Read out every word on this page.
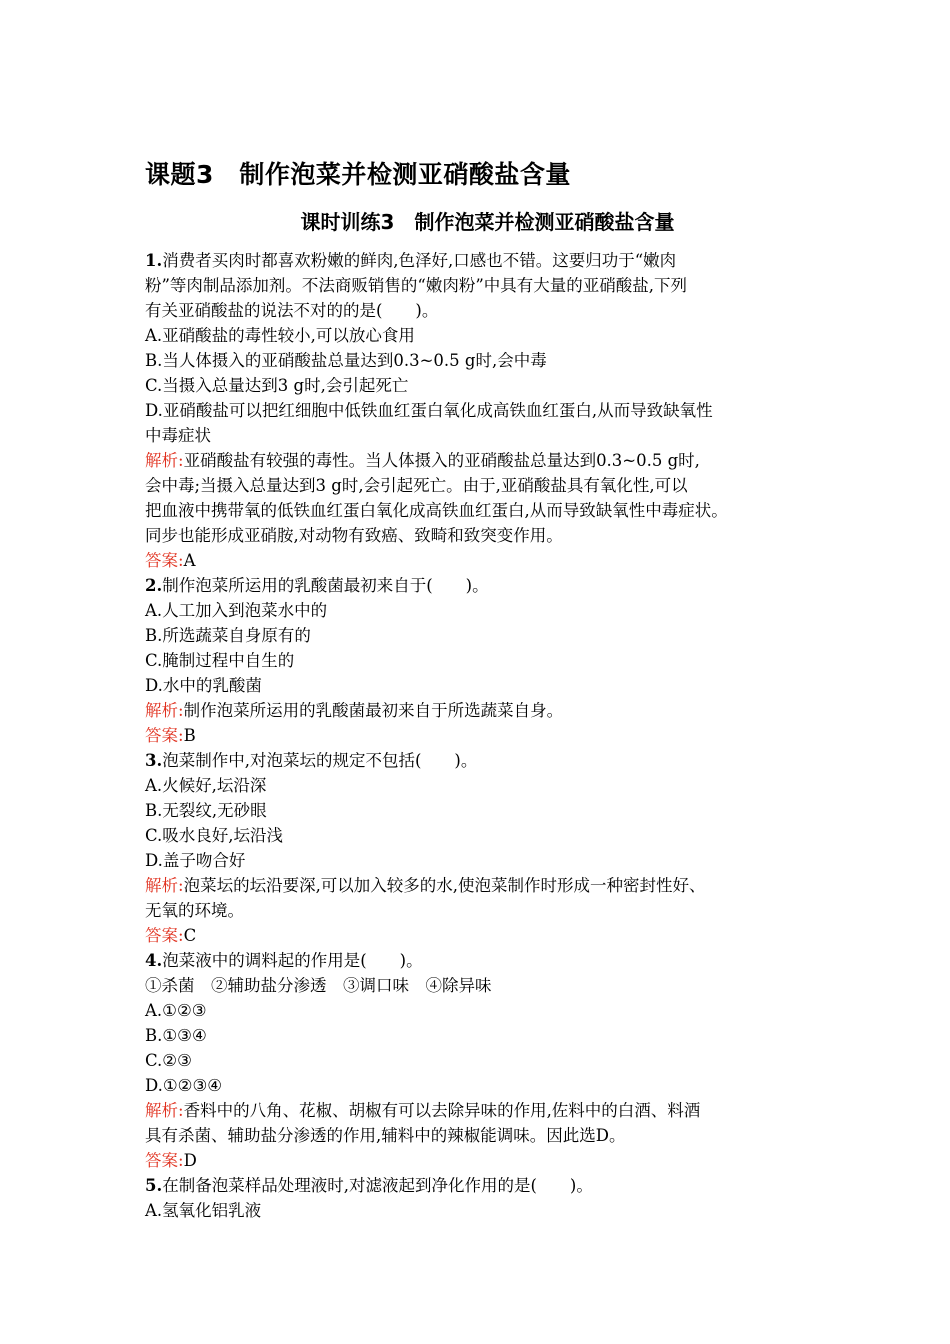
课题3　制作泡菜并检测亚硝酸盐含量
课时训练3　制作泡菜并检测亚硝酸盐含量
1.消费者买肉时都喜欢粉嫩的鲜肉,色泽好,口感也不错。这要归功于“嫩肉
粉”等肉制品添加剂。不法商贩销售的“嫩肉粉”中具有大量的亚硝酸盐,下列
有关亚硝酸盐的说法不对的的是(　　)。
A.亚硝酸盐的毒性较小,可以放心食用
B.当人体摄入的亚硝酸盐总量达到0.3~0.5 g时,会中毒
C.当摄入总量达到3 g时,会引起死亡
D.亚硝酸盐可以把红细胞中低铁血红蛋白氧化成高铁血红蛋白,从而导致缺氧性
中毒症状
解析:亚硝酸盐有较强的毒性。当人体摄入的亚硝酸盐总量达到0.3~0.5 g时,
会中毒;当摄入总量达到3 g时,会引起死亡。由于,亚硝酸盐具有氧化性,可以
把血液中携带氧的低铁血红蛋白氧化成高铁血红蛋白,从而导致缺氧性中毒症状。
同步也能形成亚硝胺,对动物有致癌、致畸和致突变作用。
答案:A
2.制作泡菜所运用的乳酸菌最初来自于(　　)。
A.人工加入到泡菜水中的
B.所选蔬菜自身原有的
C.腌制过程中自生的
D.水中的乳酸菌
解析:制作泡菜所运用的乳酸菌最初来自于所选蔬菜自身。
答案:B
3.泡菜制作中,对泡菜坛的规定不包括(　　)。
A.火候好,坛沿深
B.无裂纹,无砂眼
C.吸水良好,坛沿浅
D.盖子吻合好
解析:泡菜坛的坛沿要深,可以加入较多的水,使泡菜制作时形成一种密封性好、
无氧的环境。
答案:C
4.泡菜液中的调料起的作用是(　　)。
①杀菌　②辅助盐分渗透　③调口味　④除异味
A.①②③
B.①③④
C.②③
D.①②③④
解析:香料中的八角、花椒、胡椒有可以去除异味的作用,佐料中的白酒、料酒
具有杀菌、辅助盐分渗透的作用,辅料中的辣椒能调味。因此选D。
答案:D
5.在制备泡菜样品处理液时,对滤液起到净化作用的是(　　)。
A.氢氧化铝乳液
